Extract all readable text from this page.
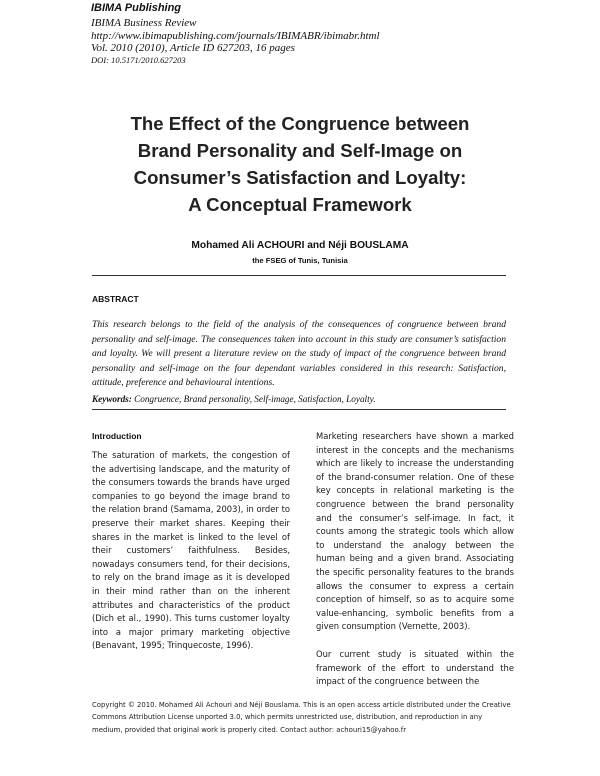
IBIMA Publishing
IBIMA Business Review
http://www.ibimapublishing.com/journals/IBIMABR/ibimabr.html
Vol. 2010 (2010), Article ID 627203, 16 pages
DOI: 10.5171/2010.627203
The Effect of the Congruence between
Brand Personality and Self-Image on
Consumer’s Satisfaction and Loyalty:
A Conceptual Framework
Mohamed Ali ACHOURI and Néji BOUSLAMA
the FSEG of Tunis, Tunisia
ABSTRACT
This research belongs to the field of the analysis of the consequences of congruence between brand personality and self-image. The consequences taken into account in this study are consumer’s satisfaction and loyalty. We will present a literature review on the study of impact of the congruence between brand personality and self-image on the four dependant variables considered in this research: Satisfaction, attitude, preference and behavioural intentions.
Keywords: Congruence, Brand personality, Self-image, Satisfaction, Loyalty.
Introduction

The saturation of markets, the congestion of the advertising landscape, and the maturity of the consumers towards the brands have urged companies to go beyond the image brand to the relation brand (Samama, 2003), in order to preserve their market shares. Keeping their shares in the market is linked to the level of their customers’ faithfulness. Besides, nowadays consumers tend, for their decisions, to rely on the brand image as it is developed in their mind rather than on the inherent attributes and characteristics of the product (Dich et al., 1990). This turns customer loyalty into a major primary marketing objective (Benavant, 1995; Trinquecoste, 1996).

Marketing researchers have shown a marked interest in the concepts and the mechanisms which are likely to increase the understanding of the brand-consumer relation. One of these key concepts in relational marketing is the congruence between the brand personality and the consumer’s self-image. In fact, it counts among the strategic tools which allow to understand the analogy between the human being and a given brand. Associating the specific personality features to the brands allows the consumer to express a certain conception of himself, so as to acquire some value-enhancing, symbolic benefits from a given consumption (Vernette, 2003).

Our current study is situated within the framework of the effort to understand the impact of the congruence between the

Copyright © 2010. Mohamed Ali Achouri and Néji Bouslama. This is an open access article distributed under the Creative Commons Attribution License unported 3.0, which permits unrestricted use, distribution, and reproduction in any medium, provided that original work is properly cited. Contact author: achouri15@yahoo.fr
